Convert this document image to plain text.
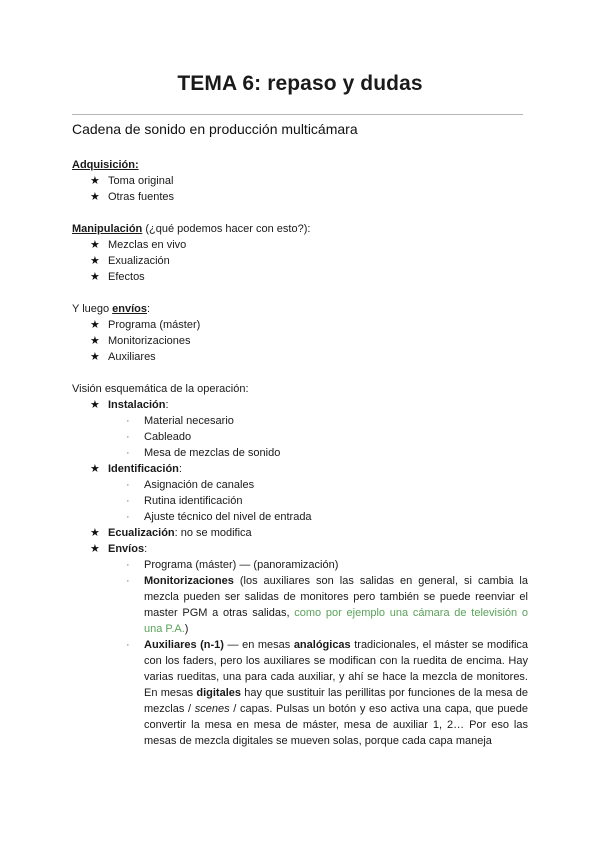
TEMA 6: repaso y dudas
Cadena de sonido en producción multicámara
Adquisición:
★ Toma original
★ Otras fuentes
Manipulación (¿qué podemos hacer con esto?):
★ Mezclas en vivo
★ Exualización
★ Efectos
Y luego envíos:
★ Programa (máster)
★ Monitorizaciones
★ Auxiliares
Visión esquemática de la operación:
★ Instalación:
· Material necesario
· Cableado
· Mesa de mezclas de sonido
★ Identificación:
· Asignación de canales
· Rutina identificación
· Ajuste técnico del nivel de entrada
★ Ecualización: no se modifica
★ Envíos:
· Programa (máster) — (panoramización)
· Monitorizaciones (los auxiliares son las salidas en general, si cambia la mezcla pueden ser salidas de monitores pero también se puede reenviar el master PGM a otras salidas, como por ejemplo una cámara de televisión o una P.A.)
· Auxiliares (n-1) — en mesas analógicas tradicionales, el máster se modifica con los faders, pero los auxiliares se modifican con la ruedita de encima. Hay varias rueditas, una para cada auxiliar, y ahí se hace la mezcla de monitores. En mesas digitales hay que sustituir las perillitas por funciones de la mesa de mezclas / scenes / capas. Pulsas un botón y eso activa una capa, que puede convertir la mesa en mesa de máster, mesa de auxiliar 1, 2… Por eso las mesas de mezcla digitales se mueven solas, porque cada capa maneja
